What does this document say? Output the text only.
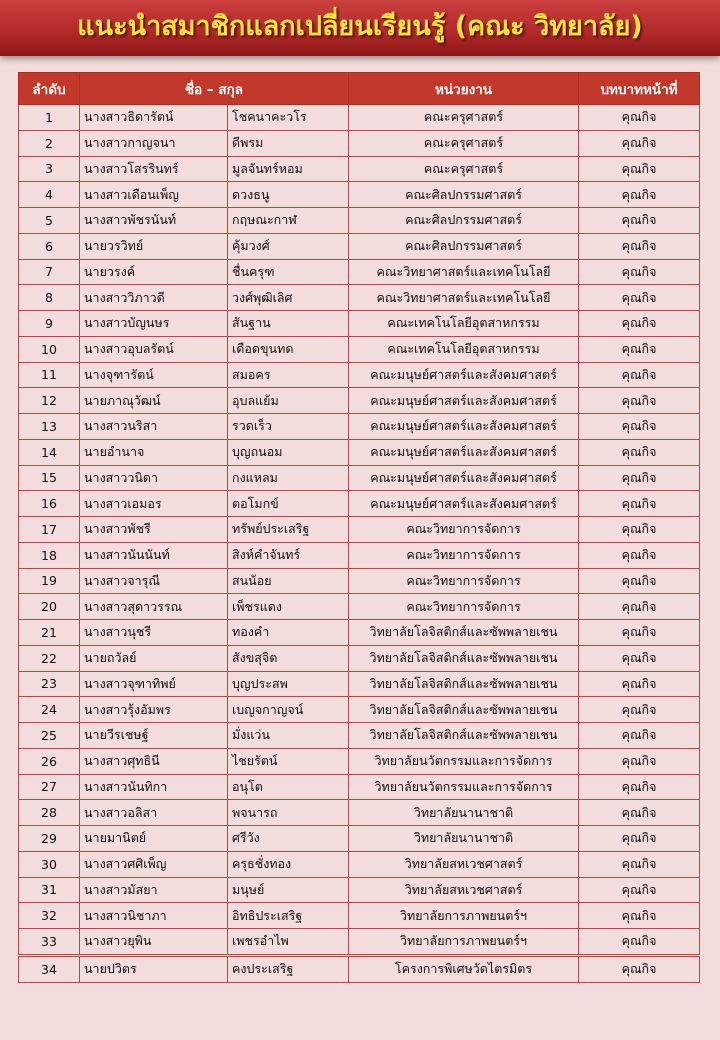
แนะนำสมาชิกแลกเปลี่ยนเรียนรู้ (คณะ วิทยาลัย)
ลำดับ	ชื่อ – สกุล		หน่วยงาน	บทบาทหน้าที่
1	นางสาวธิดารัตน์	โชคนาคะวโร	คณะครุศาสตร์	คุณกิจ
2	นางสาวกาญจนา	ดีพรม	คณะครุศาสตร์	คุณกิจ
3	นางสาวโสรรินทร์	มูลจันทร์หอม	คณะครุศาสตร์	คุณกิจ
4	นางสาวเดือนเพ็ญ	ดวงธนู	คณะศิลปกรรมศาสตร์	คุณกิจ
5	นางสาวพัชรนันท์	กฤษณะกาฬ	คณะศิลปกรรมศาสตร์	คุณกิจ
6	นายวรวิทย์	คุ้มวงศ์	คณะศิลปกรรมศาสตร์	คุณกิจ
7	นายวรงค์	ชื่นครุฑ	คณะวิทยาศาสตร์และเทคโนโลยี	คุณกิจ
8	นางสาววิภาวดี	วงศ์พุฒิเลิศ	คณะวิทยาศาสตร์และเทคโนโลยี	คุณกิจ
9	นางสาวบัญนษร	สันฐาน	คณะเทคโนโลยีอุตสาหกรรม	คุณกิจ
10	นางสาวอุบลรัตน์	เดือดขุนทด	คณะเทคโนโลยีอุตสาหกรรม	คุณกิจ
11	นางจุฑารัตน์	สมอคร	คณะมนุษย์ศาสตร์และสังคมศาสตร์	คุณกิจ
12	นายภาณุวัฒน์	อุบลแย้ม	คณะมนุษย์ศาสตร์และสังคมศาสตร์	คุณกิจ
13	นางสาวนริสา	รวดเร็ว	คณะมนุษย์ศาสตร์และสังคมศาสตร์	คุณกิจ
14	นายอำนาจ	บุญถนอม	คณะมนุษย์ศาสตร์และสังคมศาสตร์	คุณกิจ
15	นางสาววนิดา	กงแหลม	คณะมนุษย์ศาสตร์และสังคมศาสตร์	คุณกิจ
16	นางสาวเอมอร	ตอโมกข์	คณะมนุษย์ศาสตร์และสังคมศาสตร์	คุณกิจ
17	นางสาวพัชรี	ทรัพย์ประเสริฐ	คณะวิทยาการจัดการ	คุณกิจ
18	นางสาวนันนันท์	สิงห์คำจันทร์	คณะวิทยาการจัดการ	คุณกิจ
19	นางสาวจารุณี	สนน้อย	คณะวิทยาการจัดการ	คุณกิจ
20	นางสาวสุดาวรรณ	เพ็ชรแดง	คณะวิทยาการจัดการ	คุณกิจ
21	นางสาวนุชรี	ทองคำ	วิทยาลัยโลจิสติกส์และซัพพลายเชน	คุณกิจ
22	นายถวัลย์	สังขสุจิต	วิทยาลัยโลจิสติกส์และซัพพลายเชน	คุณกิจ
23	นางสาวจุฑาทิพย์	บุญประสพ	วิทยาลัยโลจิสติกส์และซัพพลายเชน	คุณกิจ
24	นางสาวรุ้งอัมพร	เบญจกาญจน์	วิทยาลัยโลจิสติกส์และซัพพลายเชน	คุณกิจ
25	นายวีรเชษฐ์	มั่งแว่น	วิทยาลัยโลจิสติกส์และซัพพลายเชน	คุณกิจ
26	นางสาวศุทธินี	ไชยรัตน์	วิทยาลัยนวัตกรรมและการจัดการ	คุณกิจ
27	นางสาวนันทิกา	อนุโต	วิทยาลัยนวัตกรรมและการจัดการ	คุณกิจ
28	นางสาวอลิสา	พจนารถ	วิทยาลัยนานาชาติ	คุณกิจ
29	นายมานิตย์	ศรีวัง	วิทยาลัยนานาชาติ	คุณกิจ
30	นางสาวศศิเพ็ญ	ครุธชั่งทอง	วิทยาลัยสหเวชศาสตร์	คุณกิจ
31	นางสาวมัสยา	มนุษย์	วิทยาลัยสหเวชศาสตร์	คุณกิจ
32	นางสาวนิชาภา	อิทธิประเสริฐ	วิทยาลัยการภาพยนตร์ฯ	คุณกิจ
33	นางสาวยุพิน	เพชรอำไพ	วิทยาลัยการภาพยนตร์ฯ	คุณกิจ
34	นายปวิตร	คงประเสริฐ	โครงการพิเศษวัดไตรมิตร	คุณกิจ
